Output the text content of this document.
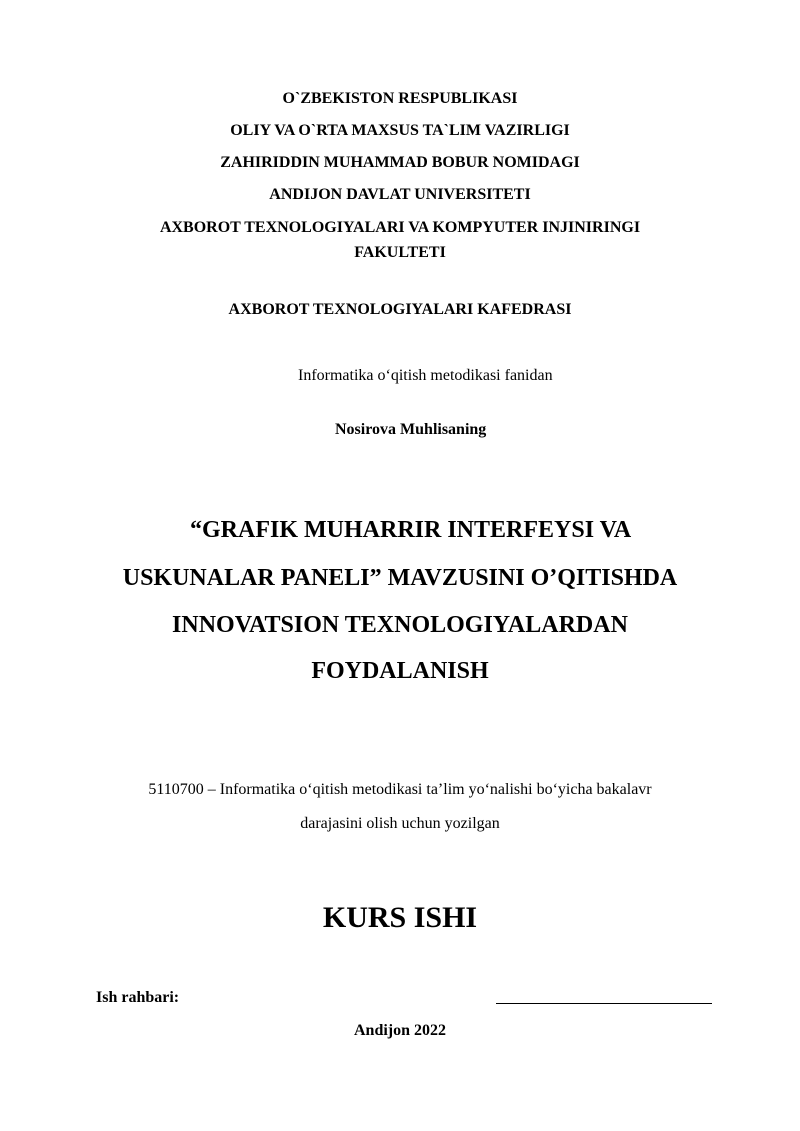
O`ZBEKISTON RESPUBLIKASI
OLIY VA O`RTA MAXSUS TA`LIM VAZIRLIGI
ZAHIRIDDIN MUHAMMAD BOBUR NOMIDAGI
ANDIJON DAVLAT UNIVERSITETI
AXBOROT TEXNOLOGIYALARI VA KOMPYUTER INJINIRINGI
FAKULTETI
AXBOROT TEXNOLOGIYALARI KAFEDRASI
Informatika o‘qitish metodikasi fanidan
Nosirova Muhlisaning
“GRAFIK MUHARRIR INTERFEYSI VA
USKUNALAR PANELI” MAVZUSINI O’QITISHDA
INNOVATSION TEXNOLOGIYALARDAN
FOYDALANISH
5110700 – Informatika o‘qitish metodikasi ta’lim yo‘nalishi bo‘yicha bakalavr
darajasini olish uchun yozilgan
KURS ISHI
Ish rahbari:
Andijon 2022
